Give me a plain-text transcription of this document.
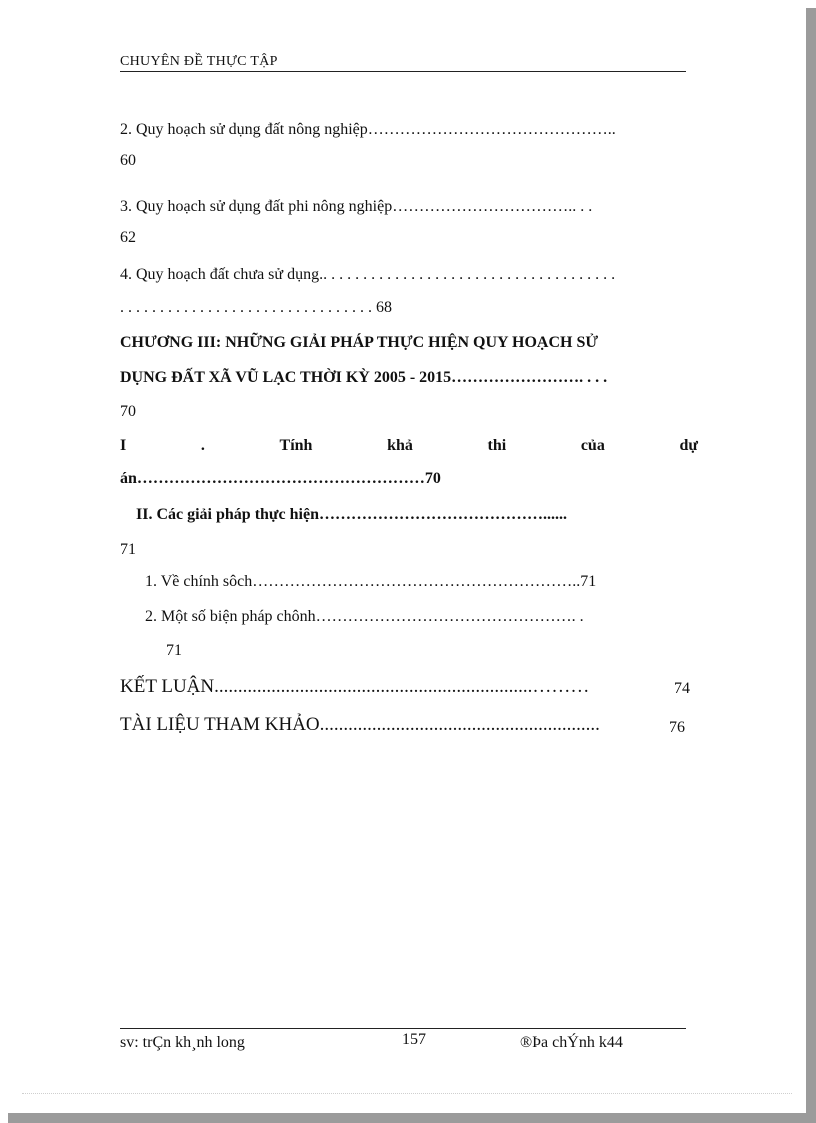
CHUYÊN ĐỀ THỰC TẬP
2. Quy hoạch sử dụng đất nông nghiệp………………………………………..
60
3. Quy hoạch sử dụng đất phi nông nghiệp…………………………….. . .
62
4. Quy hoạch đất chưa sử dụng.. . . . . . . . . . . . . . . . . . . . . . . . . . . . . . . . . . . . .
. . . . . . . . . . . . . . . . . . . . . . . . . . . . . . . . 68
CHƯƠNG III: NHỮNG GIẢI PHÁP THỰC HIỆN QUY HOẠCH SỬ
DỤNG ĐẤT XÃ VŨ LẠC THỜI KỲ 2005 - 2015……………………. . . .
70
I	.	Tính	khả	thi	của	dự
án………………………………………………70
II. Các giải pháp thực hiện……………………………………......
71
1. Về chính sôch……………………………………………………..71
2. Một số biện pháp chônh…………………………………………. .
71
KẾT LUẬN...................................................................………	74
TÀI LIỆU THAM KHẢO...........................................................	76
sv: trÇn kh¸nh long	157	®Þa chÝnh k44
